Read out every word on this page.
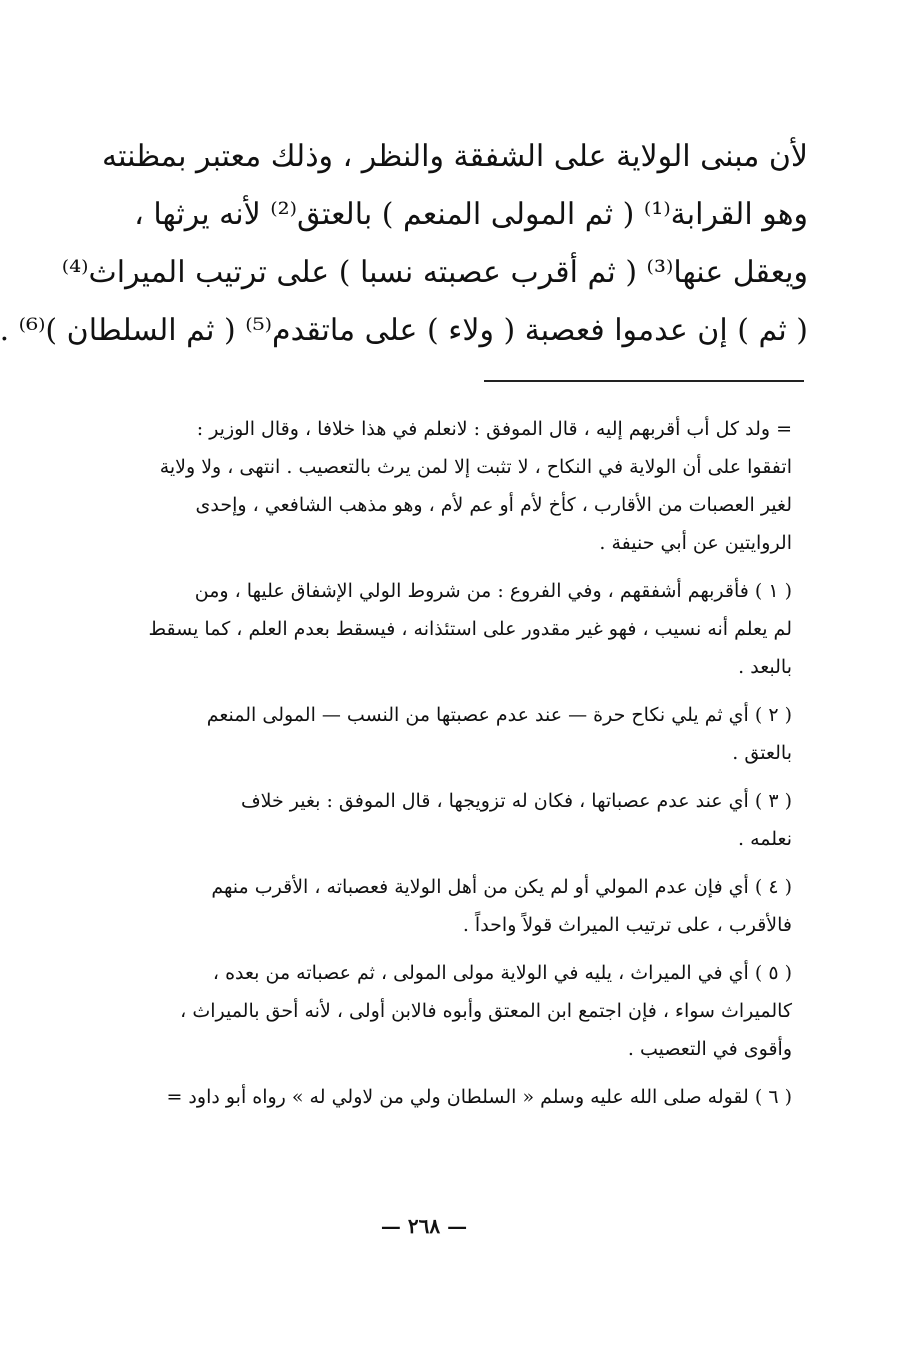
لأن مبنى الولاية على الشفقة والنظر ، وذلك معتبر بمظنته
وهو القرابة⁽¹⁾ ( ثم المولى المنعم ) بالعتق⁽²⁾ لأنه يرثها ،
ويعقل عنها⁽³⁾ ( ثم أقرب عصبته نسبا ) على ترتيب الميراث⁽⁴⁾
( ثم ) إن عدموا فعصبة ( ولاء ) على ماتقدم⁽⁵⁾ ( ثم السلطان )⁽⁶⁾ .
= ولد كل أب أقربهم إليه ، قال الموفق : لانعلم في هذا خلافا ، وقال الوزير :
اتفقوا على أن الولاية في النكاح ، لا تثبت إلا لمن يرث بالتعصيب . انتهى ، ولا ولاية
لغير العصبات من الأقارب ، كأخ لأم أو عم لأم ، وهو مذهب الشافعي ، وإحدى
الروايتين عن أبي حنيفة .
( ١ ) فأقربهم أشفقهم ، وفي الفروع : من شروط الولي الإشفاق عليها ، ومن
لم يعلم أنه نسيب ، فهو غير مقدور على استئذانه ، فيسقط بعدم العلم ، كما يسقط
بالبعد .
( ٢ ) أي ثم يلي نكاح حرة — عند عدم عصبتها من النسب — المولى المنعم
بالعتق .
( ٣ ) أي عند عدم عصباتها ، فكان له تزويجها ، قال الموفق : بغير خلاف
نعلمه .
( ٤ ) أي فإن عدم المولي أو لم يكن من أهل الولاية فعصباته ، الأقرب منهم
فالأقرب ، على ترتيب الميراث قولاً واحداً .
( ٥ ) أي في الميراث ، يليه في الولاية مولى المولى ، ثم عصباته من بعده ،
كالميراث سواء ، فإن اجتمع ابن المعتق وأبوه فالابن أولى ، لأنه أحق بالميراث ،
وأقوى في التعصيب .
( ٦ ) لقوله صلى الله عليه وسلم « السلطان ولي من لاولي له » رواه أبو داود =
— ٢٦٨ —
